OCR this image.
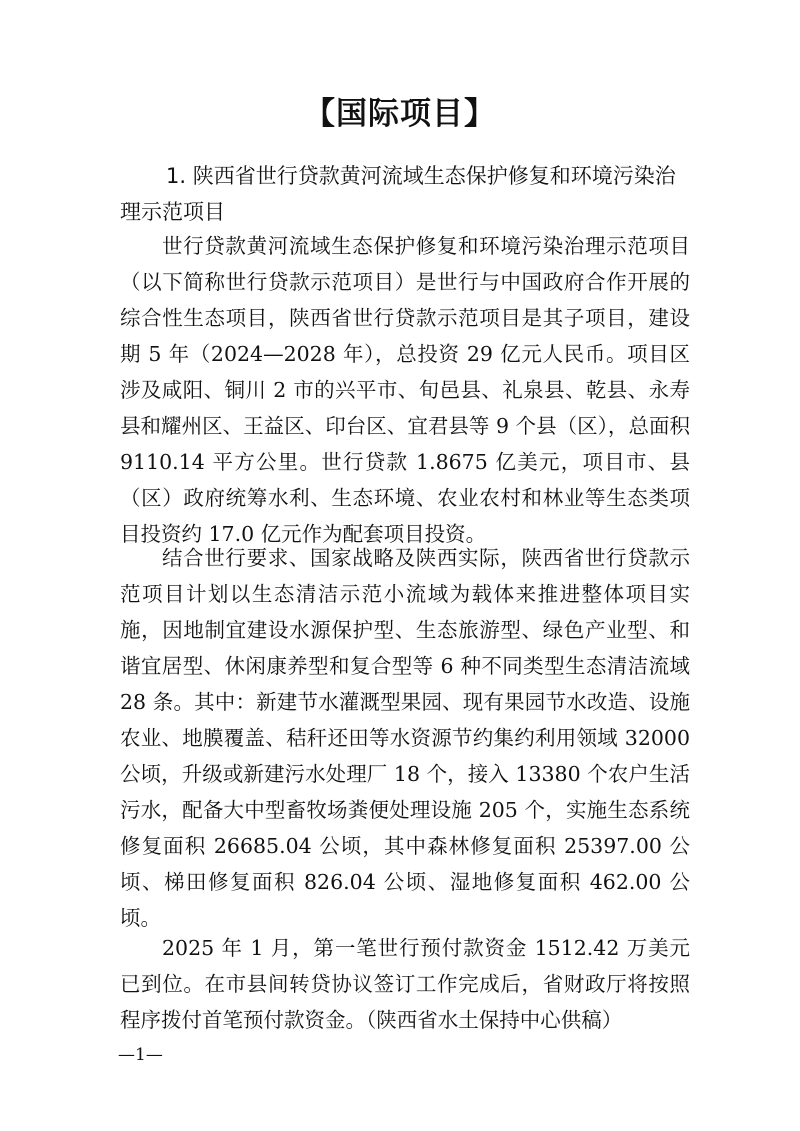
【国际项目】
1. 陕西省世行贷款黄河流域生态保护修复和环境污染治理示范项目

世行贷款黄河流域生态保护修复和环境污染治理示范项目（以下简称世行贷款示范项目）是世行与中国政府合作开展的综合性生态项目，陕西省世行贷款示范项目是其子项目，建设期 5 年（2024—2028 年），总投资 29 亿元人民币。项目区涉及咸阳、铜川 2 市的兴平市、旬邑县、礼泉县、乾县、永寿县和耀州区、王益区、印台区、宜君县等 9 个县（区），总面积 9110.14 平方公里。世行贷款 1.8675 亿美元，项目市、县（区）政府统筹水利、生态环境、农业农村和林业等生态类项目投资约 17.0 亿元作为配套项目投资。

结合世行要求、国家战略及陕西实际，陕西省世行贷款示范项目计划以生态清洁示范小流域为载体来推进整体项目实施，因地制宜建设水源保护型、生态旅游型、绿色产业型、和谐宜居型、休闲康养型和复合型等 6 种不同类型生态清洁流域 28 条。其中：新建节水灌溉型果园、现有果园节水改造、设施农业、地膜覆盖、秸秆还田等水资源节约集约利用领域 32000 公顷，升级或新建污水处理厂 18 个，接入 13380 个农户生活污水，配备大中型畜牧场粪便处理设施 205 个，实施生态系统修复面积 26685.04 公顷，其中森林修复面积 25397.00 公顷、梯田修复面积 826.04 公顷、湿地修复面积 462.00 公顷。

2025 年 1 月，第一笔世行预付款资金 1512.42 万美元已到位。在市县间转贷协议签订工作完成后，省财政厅将按照程序拨付首笔预付款资金。（陕西省水土保持中心供稿）

—1—
